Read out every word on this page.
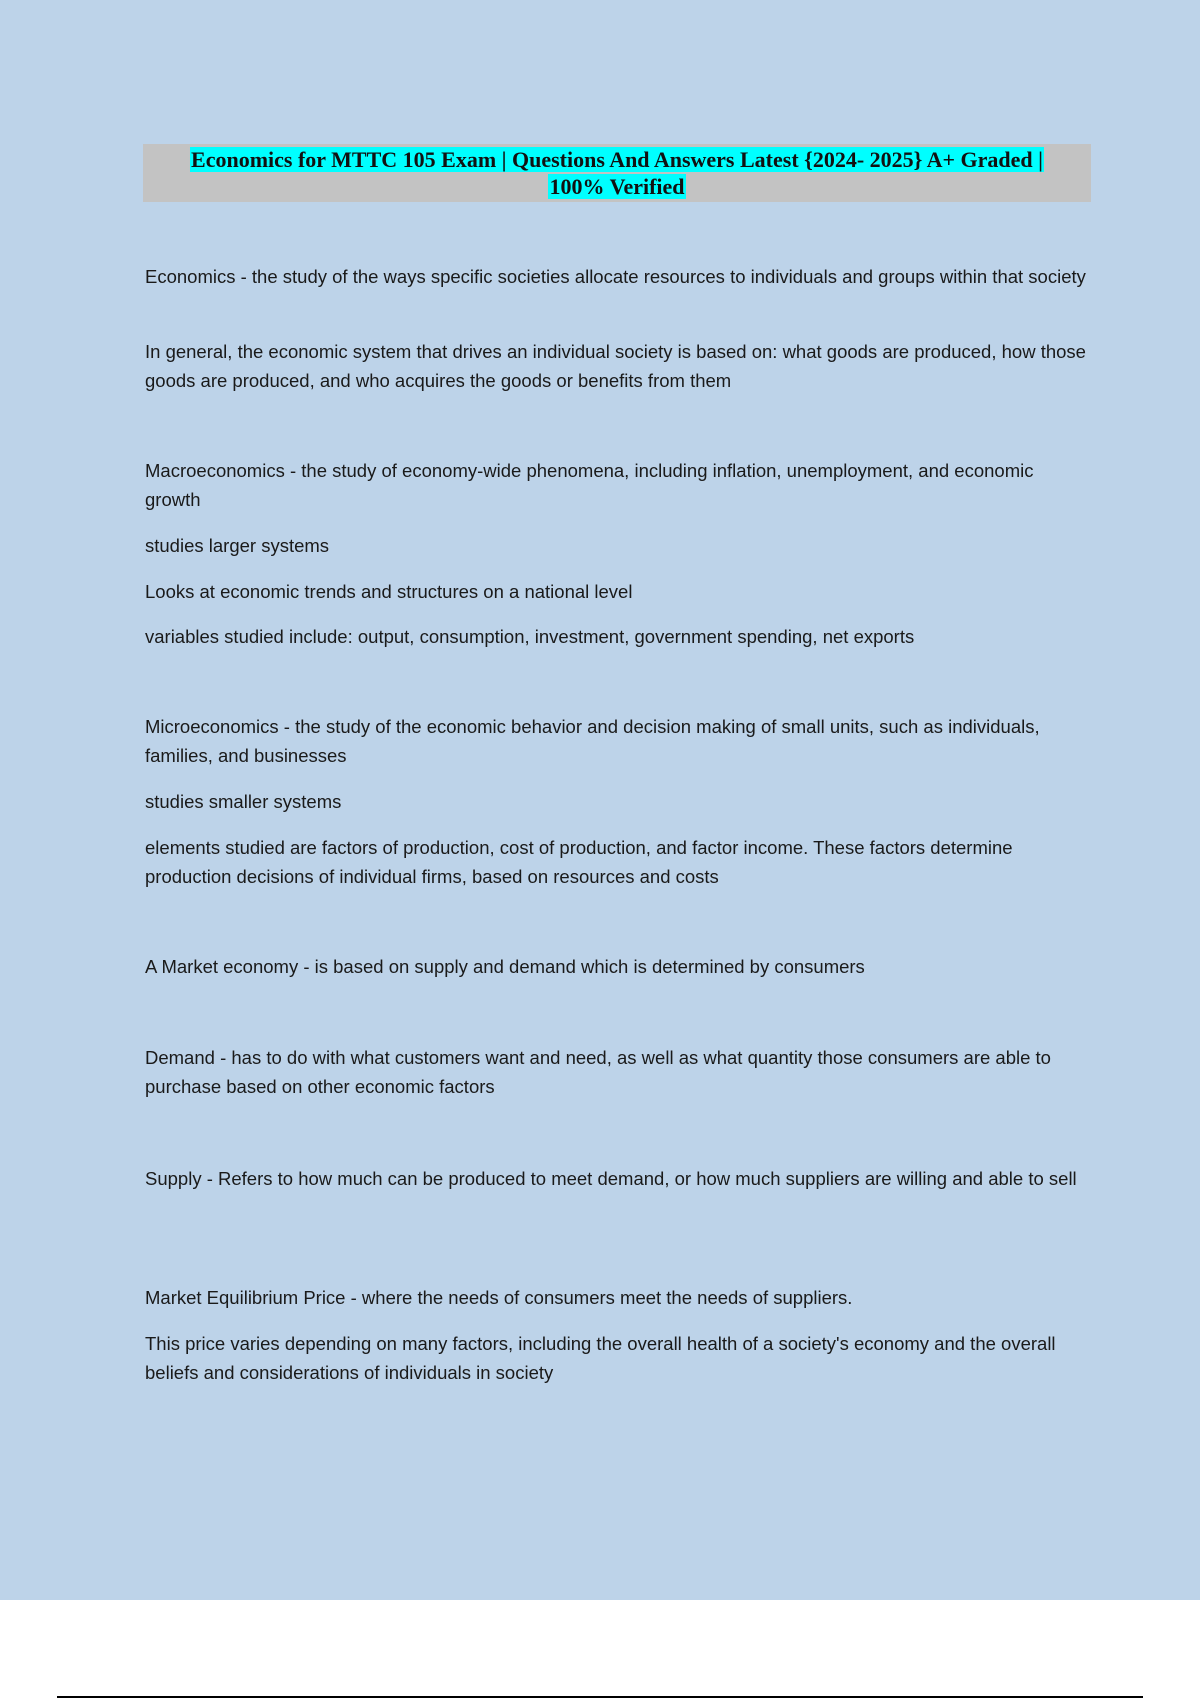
Economics for MTTC 105 Exam | Questions And Answers Latest {2024- 2025} A+ Graded |
100% Verified

Economics - the study of the ways specific societies allocate resources to individuals and groups within that society

In general, the economic system that drives an individual society is based on: what goods are produced, how those goods are produced, and who acquires the goods or benefits from them

Macroeconomics - the study of economy-wide phenomena, including inflation, unemployment, and economic growth

studies larger systems

Looks at economic trends and structures on a national level

variables studied include: output, consumption, investment, government spending, net exports

Microeconomics - the study of the economic behavior and decision making of small units, such as individuals, families, and businesses

studies smaller systems

elements studied are factors of production, cost of production, and factor income. These factors determine production decisions of individual firms, based on resources and costs

A Market economy - is based on supply and demand which is determined by consumers

Demand - has to do with what customers want and need, as well as what quantity those consumers are able to purchase based on other economic factors

Supply - Refers to how much can be produced to meet demand, or how much suppliers are willing and able to sell

Market Equilibrium Price - where the needs of consumers meet the needs of suppliers.

This price varies depending on many factors, including the overall health of a society's economy and the overall beliefs and considerations of individuals in society
